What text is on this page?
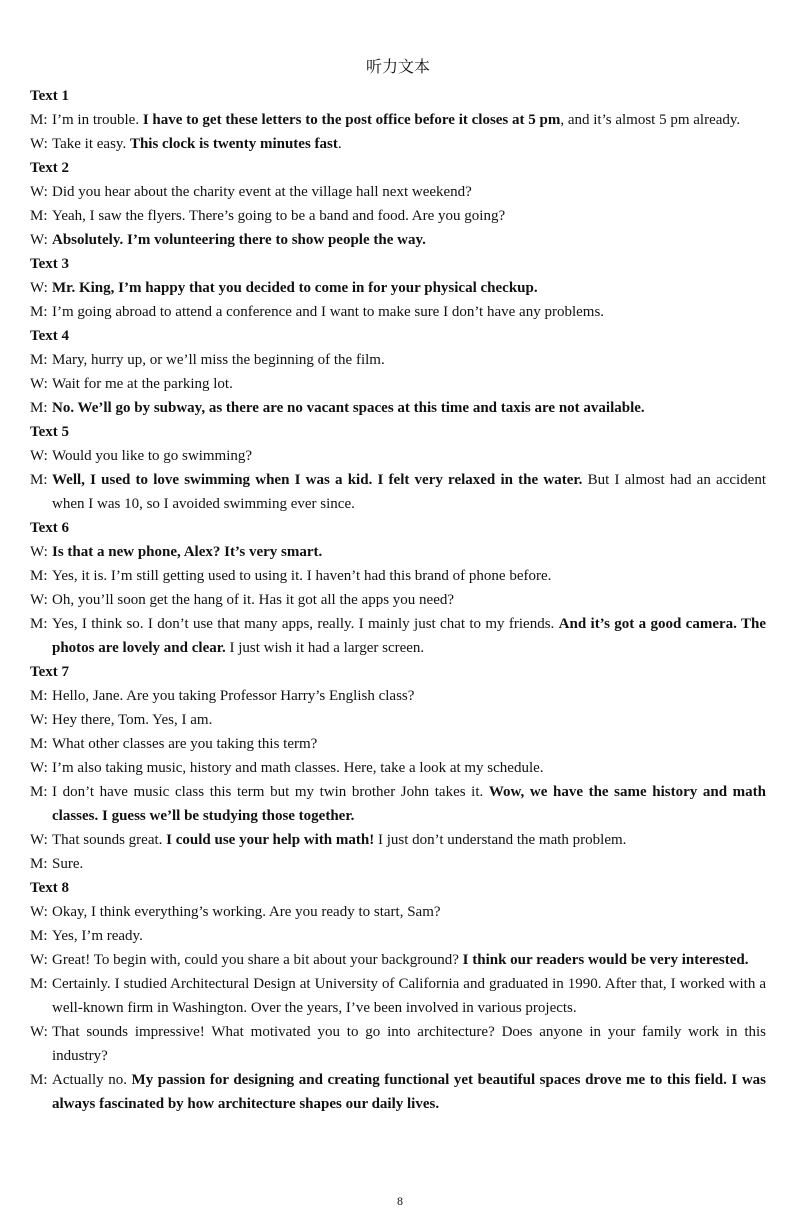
听力文本
Text 1
M: I’m in trouble. I have to get these letters to the post office before it closes at 5 pm, and it’s almost 5 pm already.
W: Take it easy. This clock is twenty minutes fast.
Text 2
W: Did you hear about the charity event at the village hall next weekend?
M: Yeah, I saw the flyers. There’s going to be a band and food. Are you going?
W: Absolutely. I’m volunteering there to show people the way.
Text 3
W: Mr. King, I’m happy that you decided to come in for your physical checkup.
M: I’m going abroad to attend a conference and I want to make sure I don’t have any problems.
Text 4
M: Mary, hurry up, or we’ll miss the beginning of the film.
W: Wait for me at the parking lot.
M: No. We’ll go by subway, as there are no vacant spaces at this time and taxis are not available.
Text 5
W: Would you like to go swimming?
M: Well, I used to love swimming when I was a kid. I felt very relaxed in the water. But I almost had an accident when I was 10, so I avoided swimming ever since.
Text 6
W: Is that a new phone, Alex? It’s very smart.
M: Yes, it is. I’m still getting used to using it. I haven’t had this brand of phone before.
W: Oh, you’ll soon get the hang of it. Has it got all the apps you need?
M: Yes, I think so. I don’t use that many apps, really. I mainly just chat to my friends. And it’s got a good camera. The photos are lovely and clear. I just wish it had a larger screen.
Text 7
M: Hello, Jane. Are you taking Professor Harry’s English class?
W: Hey there, Tom. Yes, I am.
M: What other classes are you taking this term?
W: I’m also taking music, history and math classes. Here, take a look at my schedule.
M: I don’t have music class this term but my twin brother John takes it. Wow, we have the same history and math classes. I guess we’ll be studying those together.
W: That sounds great. I could use your help with math! I just don’t understand the math problem.
M: Sure.
Text 8
W: Okay, I think everything’s working. Are you ready to start, Sam?
M: Yes, I’m ready.
W: Great! To begin with, could you share a bit about your background? I think our readers would be very interested.
M: Certainly. I studied Architectural Design at University of California and graduated in 1990. After that, I worked with a well-known firm in Washington. Over the years, I’ve been involved in various projects.
W: That sounds impressive! What motivated you to go into architecture? Does anyone in your family work in this industry?
M: Actually no. My passion for designing and creating functional yet beautiful spaces drove me to this field. I was always fascinated by how architecture shapes our daily lives.
8
